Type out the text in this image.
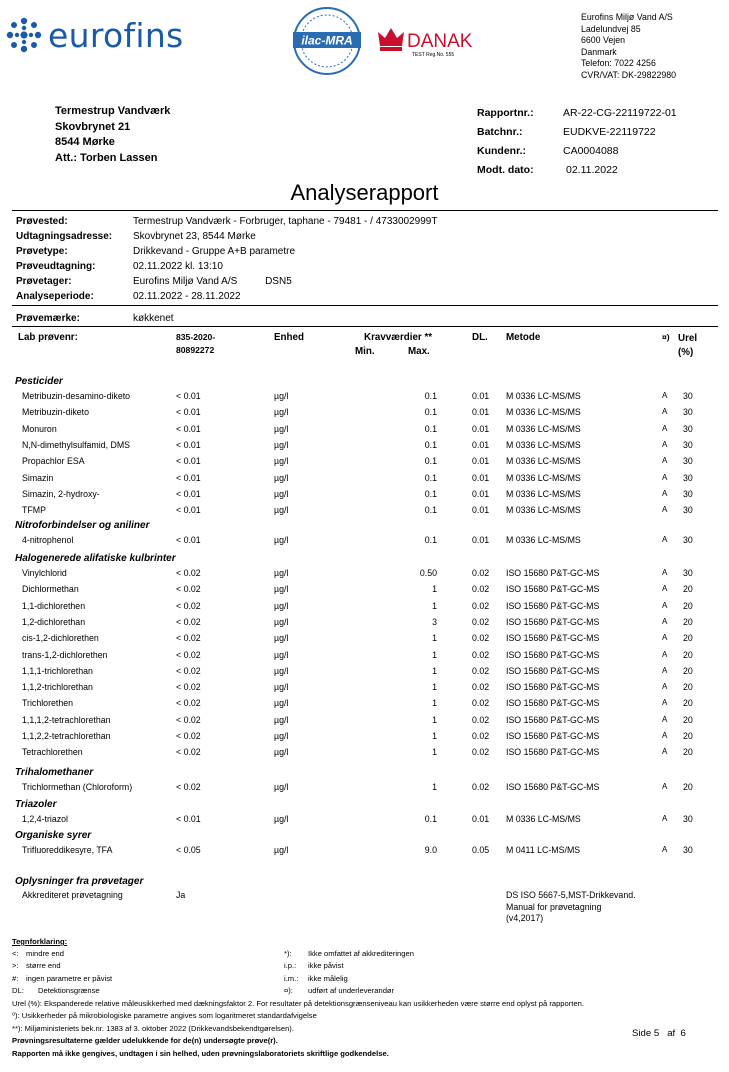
eurofins	ilac-MRA	DANAK
TEST Reg.No. 555
Eurofins Miljø Vand A/S
Ladelundvej 85
6600 Vejen
Danmark
Telefon: 7022 4256
CVR/VAT: DK-29822980
Termestrup Vandværk
Skovbrynet 21
8544 Mørke
Att.: Torben Lassen
Rapportnr.:	AR-22-CG-22119722-01
Batchnr.:	EUDKVE-22119722
Kundenr.:	CA0004088
Modt. dato:	02.11.2022
Analyserapport
Prøvested:	Termestrup Vandværk - Forbruger, taphane - 79481 - / 4733002999T
Udtagningsadresse:	Skovbrynet 23, 8544 Mørke
Prøvetype:	Drikkevand - Gruppe A+B parametre
Prøveudtagning:	02.11.2022 kl. 13:10
Prøvetager:	Eurofins Miljø Vand A/S          DSN5
Analyseperiode:	02.11.2022 - 28.11.2022
Prøvemærke:	køkkenet
Lab prøvenr:	835-2020-
80892272
Enhed	Kravværdier **
Min.	Max.
DL. Metode	¤) Urel
(%)
Pesticider
Metribuzin-desamino-diketo	< 0.01	µg/l	0.1	0.01 M 0336 LC-MS/MS	A 30
Metribuzin-diketo	< 0.01	µg/l	0.1	0.01 M 0336 LC-MS/MS	A 30
Monuron	< 0.01	µg/l	0.1	0.01 M 0336 LC-MS/MS	A 30
N,N-dimethylsulfamid, DMS	< 0.01	µg/l	0.1	0.01 M 0336 LC-MS/MS	A 30
Propachlor ESA	< 0.01	µg/l	0.1	0.01 M 0336 LC-MS/MS	A 30
Simazin	< 0.01	µg/l	0.1	0.01 M 0336 LC-MS/MS	A 30
Simazin, 2-hydroxy-	< 0.01	µg/l	0.1	0.01 M 0336 LC-MS/MS	A 30
TFMP	< 0.01	µg/l	0.1	0.01 M 0336 LC-MS/MS	A 30
Nitroforbindelser og aniliner
4-nitrophenol	< 0.01	µg/l	0.1	0.01 M 0336 LC-MS/MS	A 30
Halogenerede alifatiske kulbrinter
Vinylchlorid	< 0.02	µg/l	0.50	0.02 ISO 15680 P&T-GC-MS	A 30
Dichlormethan	< 0.02	µg/l	1	0.02 ISO 15680 P&T-GC-MS	A 20
1,1-dichlorethen	< 0.02	µg/l	1	0.02 ISO 15680 P&T-GC-MS	A 20
1,2-dichlorethan	< 0.02	µg/l	3	0.02 ISO 15680 P&T-GC-MS	A 20
cis-1,2-dichlorethen	< 0.02	µg/l	1	0.02 ISO 15680 P&T-GC-MS	A 20
trans-1,2-dichlorethen	< 0.02	µg/l	1	0.02 ISO 15680 P&T-GC-MS	A 20
1,1,1-trichlorethan	< 0.02	µg/l	1	0.02 ISO 15680 P&T-GC-MS	A 20
1,1,2-trichlorethan	< 0.02	µg/l	1	0.02 ISO 15680 P&T-GC-MS	A 20
Trichlorethen	< 0.02	µg/l	1	0.02 ISO 15680 P&T-GC-MS	A 20
1,1,1,2-tetrachlorethan	< 0.02	µg/l	1	0.02 ISO 15680 P&T-GC-MS	A 20
1,1,2,2-tetrachlorethan	< 0.02	µg/l	1	0.02 ISO 15680 P&T-GC-MS	A 20
Tetrachlorethen	< 0.02	µg/l	1	0.02 ISO 15680 P&T-GC-MS	A 20
Trihalomethaner
Trichlormethan (Chloroform)	< 0.02	µg/l	1	0.02 ISO 15680 P&T-GC-MS	A 20
Triazoler
1,2,4-triazol	< 0.01	µg/l	0.1	0.01 M 0336 LC-MS/MS	A 30
Organiske syrer
Trifluoreddikesyre, TFA	< 0.05	µg/l	9.0	0.05 M 0411 LC-MS/MS	A 30
Oplysninger fra prøvetager
Akkrediteret prøvetagning	Ja	DS ISO 5667-5,MST-Drikkevand.
Manual for prøvetagning
(v4,2017)
Tegnforklaring:
<: mindre end
>: større end
#: ingen parametre er påvist
DL: Detektionsgrænse
*): Ikke omfattet af akkrediteringen
i.p.: ikke påvist
i.m.: ikke målelig
¤): udført af underleverandør
Urel (%): Ekspanderede relative måleusikkerhed med dækningsfaktor 2. For resultater på detektionsgrænseniveau kan usikkerheden være større end oplyst på rapporten.
⁰): Usikkerheder på mikrobiologiske parametre angives som logaritmeret standardafvigelse
**): Miljøministeriets bek.nr. 1383 af 3. oktober 2022 (Drikkevandsbekendtgørelsen).
Prøvningsresultaterne gælder udelukkende for de(n) undersøgte prøve(r).
Rapporten må ikke gengives, undtagen i sin helhed, uden prøvningslaboratoriets skriftlige godkendelse.
Side 5   af  6
